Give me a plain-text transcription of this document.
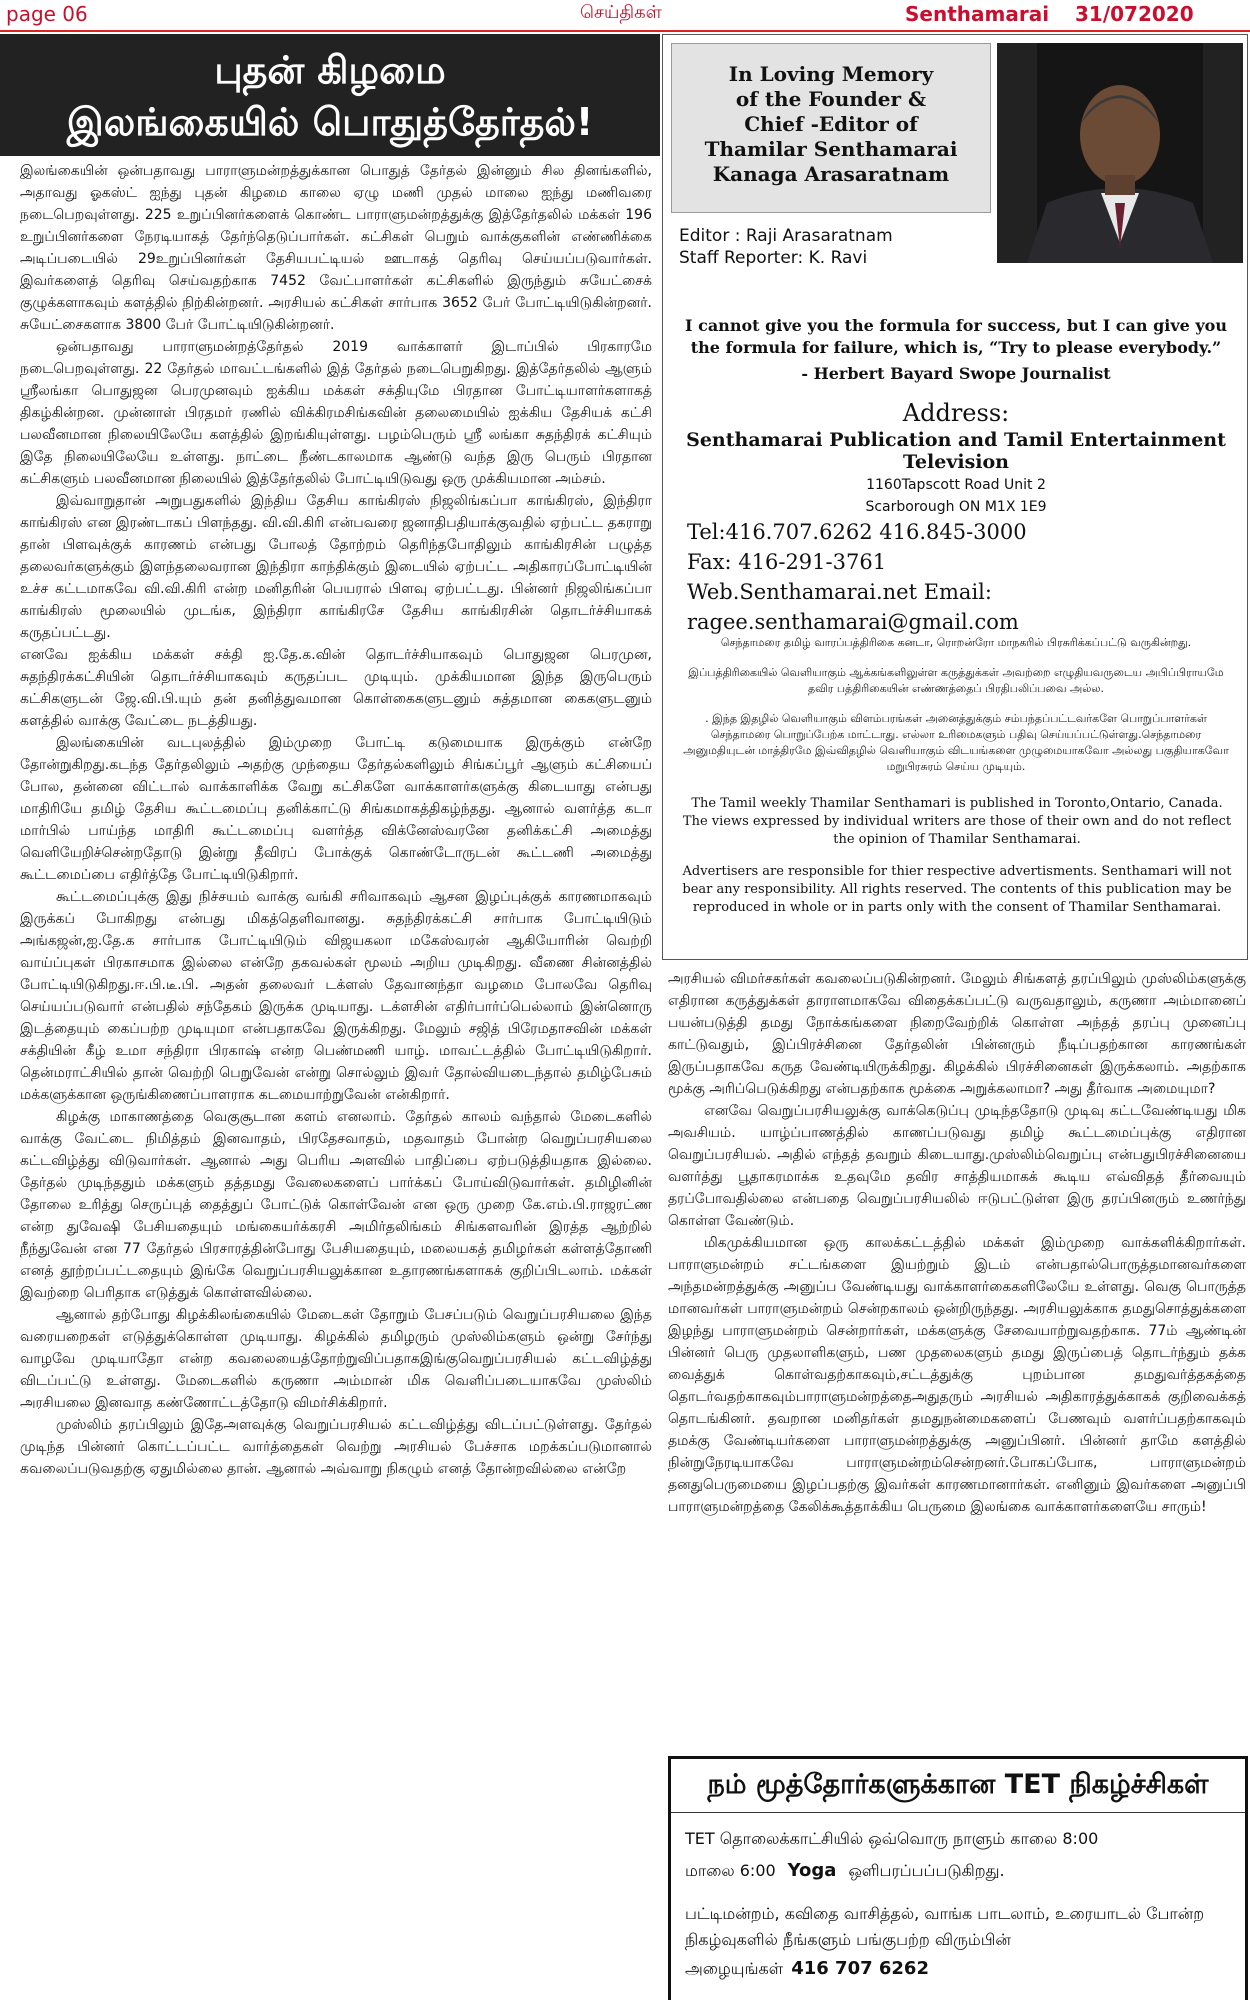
page 06	செய்திகள்	Senthamarai 31/072020
புதன் கிழமை
இலங்கையில் பொதுத்தேர்தல்!

இலங்கையின் ஒன்பதாவது பாராளுமன்றத்துக்கான பொதுத் தேர்தல் இன்னும் சில தினங்களில், அதாவது ஓகஸ்ட் ஐந்து புதன் கிழமை காலை ஏழு மணி முதல் மாலை ஐந்து மணிவரை நடைபெறவுள்ளது. 225 உறுப்பினர்களைக் கொண்ட பாராளுமன்றத்துக்கு இத்தேர்தலில் மக்கள் 196 உறுப்பினர்களை நேரடியாகத் தேர்ந்தெடுப்பார்கள். கட்சிகள் பெறும் வாக்குகளின் எண்ணிக்கை அடிப்படையில் 29உறுப்பினர்கள் தேசியபட்டியல் ஊடாகத் தெரிவு செய்யப்படுவார்கள். இவர்களைத் தெரிவு செய்வதற்காக 7452 வேட்பாளர்கள் கட்சிகளில் இருந்தும் சுயேட்சைக் குழுக்களாகவும் களத்தில் நிற்கின்றனர். அரசியல் கட்சிகள் சார்பாக 3652 பேர் போட்டியிடுகின்றனர். சுயேட்சைகளாக 3800 பேர் போட்டியிடுகின்றனர்.

ஒன்பதாவது பாராளுமன்றத்தேர்தல் 2019 வாக்காளர் இடாப்பில் பிரகாரமே நடைபெறவுள்ளது. 22 தேர்தல் மாவட்டங்களில் இத் தேர்தல் நடைபெறுகிறது. இத்தேர்தலில் ஆளும் ஸ்ரீலங்கா பொதுஜன பெரமுனவும் ஐக்கிய மக்கள் சக்தியுமே பிரதான போட்டியாளர்களாகத் திகழ்கின்றன. முன்னாள் பிரதமர் ரணில் விக்கிரமசிங்கவின் தலைமையில் ஐக்கிய தேசியக் கட்சி பலவீனமான நிலையிலேயே களத்தில் இறங்கியுள்ளது. பழம்பெரும் ஸ்ரீ லங்கா சுதந்திரக் கட்சியும் இதே நிலையிலேயே உள்ளது. நாட்டை நீண்டகாலமாக ஆண்டு வந்த இரு பெரும் பிரதான கட்சிகளும் பலவீனமான நிலையில் இத்தேர்தலில் போட்டியிடுவது ஒரு முக்கியமான அம்சம்.

இவ்வாறுதான் அறுபதுகளில் இந்திய தேசிய காங்கிரஸ் நிஜலிங்கப்பா காங்கிரஸ், இந்திரா காங்கிரஸ் என இரண்டாகப் பிளந்தது. வி.வி.கிரி என்பவரை ஜனாதிபதியாக்குவதில் ஏற்பட்ட தகராறு தான் பிளவுக்குக் காரணம் என்பது போலத் தோற்றம் தெரிந்தபோதிலும் காங்கிரசின் பழுத்த தலைவர்களுக்கும் இளந்தலைவரான இந்திரா காந்திக்கும் இடையில் ஏற்பட்ட அதிகாரப்போட்டியின் உச்ச கட்டமாகவே வி.வி.கிரி என்ற மனிதரின் பெயரால் பிளவு ஏற்பட்டது. பின்னர் நிஜலிங்கப்பா காங்கிரஸ் மூலையில் முடங்க, இந்திரா காங்கிரசே தேசிய காங்கிரசின் தொடர்ச்சியாகக் கருதப்பட்டது.

எனவே ஐக்கிய மக்கள் சக்தி ஐ.தே.க.வின் தொடர்ச்சியாகவும் பொதுஜன பெரமுன, சுதந்திரக்கட்சியின் தொடர்ச்சியாகவும் கருதப்பட முடியும். முக்கியமான இந்த இருபெரும் கட்சிகளுடன் ஜே.வி.பி.யும் தன் தனித்துவமான கொள்கைகளுடனும் சுத்தமான கைகளுடனும் களத்தில் வாக்கு வேட்டை நடத்தியது.

இலங்கையின் வடபுலத்தில் இம்முறை போட்டி கடுமையாக இருக்கும் என்றே தோன்றுகிறது.கடந்த தேர்தலிலும் அதற்கு முந்தைய தேர்தல்களிலும் சிங்கப்பூர் ஆளும் கட்சியைப் போல, தன்னை விட்டால் வாக்காளிக்க வேறு கட்சிகளே வாக்காளர்களுக்கு கிடையாது என்பது மாதிரியே தமிழ் தேசிய கூட்டமைப்பு தனிக்காட்டு சிங்கமாகத்திகழ்ந்தது. ஆனால் வளர்த்த கடா மார்பில் பாய்ந்த மாதிரி கூட்டமைப்பு வளர்த்த விக்னேஸ்வரனே தனிக்கட்சி அமைத்து வெளியேறிச்சென்றதோடு இன்று தீவிரப் போக்குக் கொண்டோருடன் கூட்டணி அமைத்து கூட்டமைப்பை எதிர்த்தே போட்டியிடுகிறார்.

கூட்டமைப்புக்கு இது நிச்சயம் வாக்கு வங்கி சரிவாகவும் ஆசன இழப்புக்குக் காரணமாகவும் இருக்கப் போகிறது என்பது மிகத்தெளிவானது. சுதந்திரக்கட்சி சார்பாக போட்டியிடும் அங்கஜன்,ஐ.தே.க சார்பாக போட்டியிடும் விஜயகலா மகேஸ்வரன் ஆகியோரின் வெற்றி வாய்ப்புகள் பிரகாசமாக இல்லை என்றே தகவல்கள் மூலம் அறிய முடிகிறது. வீணை சின்னத்தில் போட்டியிடுகிறது.ஈ.பி.டீ.பி. அதன் தலைவர் டக்ளஸ் தேவானந்தா வழமை போலவே தெரிவு செய்யப்படுவார் என்பதில் சந்தேகம் இருக்க முடியாது. டக்ளசின் எதிர்பார்ப்பெல்லாம் இன்னொரு இடத்தையும் கைப்பற்ற முடியுமா என்பதாகவே இருக்கிறது. மேலும் சஜித் பிரேமதாசவின் மக்கள் சக்தியின் கீழ் உமா சந்திரா பிரகாஷ் என்ற பெண்மணி யாழ். மாவட்டத்தில் போட்டியிடுகிறார். தென்மராட்சியில் தான் வெற்றி பெறுவேன் என்று சொல்லும் இவர் தோல்வியடைந்தால் தமிழ்பேசும் மக்களுக்கான ஒருங்கிணைப்பாளராக கடமையாற்றுவேன் என்கிறார்.

கிழக்கு மாகாணத்தை வெகுசூடான களம் எனலாம். தேர்தல் காலம் வந்தால் மேடைகளில் வாக்கு வேட்டை நிமித்தம் இனவாதம், பிரதேசவாதம், மதவாதம் போன்ற வெறுப்பரசியலை கட்டவிழ்த்து விடுவார்கள். ஆனால் அது பெரிய அளவில் பாதிப்பை ஏற்படுத்தியதாக இல்லை. தேர்தல் முடிந்ததும் மக்களும் தத்தமது வேலைகளைப் பார்க்கப் போய்விடுவார்கள். தமிழினின் தோலை உரித்து செருப்புத் தைத்துப் போட்டுக் கொள்வேன் என ஒரு முறை கே.எம்.பி.ராஜரட்ண என்ற துவேஷி பேசியதையும் மங்கையர்க்கரசி அமிர்தலிங்கம் சிங்களவரின் இரத்த ஆற்றில் நீந்துவேன் என 77 தேர்தல் பிரசாரத்தின்போது பேசியதையும், மலையகத் தமிழர்கள் கள்ளத்தோணி எனத் தூற்றப்பட்டதையும் இங்கே வெறுப்பரசியலுக்கான உதாரணங்களாகக் குறிப்பிடலாம். மக்கள் இவற்றை பெரிதாக எடுத்துக் கொள்ளவில்லை.

ஆனால் தற்போது கிழக்கிலங்கையில் மேடைகள் தோறும் பேசப்படும் வெறுப்பரசியலை இந்த வரையறைகள் எடுத்துக்கொள்ள முடியாது. கிழக்கில் தமிழரும் முஸ்லிம்களும் ஒன்று சேர்ந்து வாழவே முடியாதோ என்ற கவலையைத்தோற்றுவிப்பதாகஇங்குவெறுப்பரசியல் கட்டவிழ்த்து விடப்பட்டு உள்ளது. மேடைகளில் கருணா அம்மான் மிக வெளிப்படையாகவே முஸ்லிம் அரசியலை இனவாத கண்ணோட்டத்தோடு விமர்சிக்கிறார்.

முஸ்லிம் தரப்பிலும் இதேஅளவுக்கு வெறுப்பரசியல் கட்டவிழ்த்து விடப்பட்டுள்ளது. தேர்தல் முடிந்த பின்னர் கொட்டப்பட்ட வார்த்தைகள் வெற்று அரசியல் பேச்சாக மறக்கப்படுமானால் கவலைப்படுவதற்கு ஏதுமில்லை தான். ஆனால் அவ்வாறு நிகழும் எனத் தோன்றவில்லை என்றே

In Loving Memory
of the Founder &
Chief -Editor of
Thamilar Senthamarai
Kanaga Arasaratnam
Editor : Raji Arasaratnam
Staff Reporter: K. Ravi
I cannot give you the formula for success, but I can give you the formula for failure, which is, “Try to please everybody.”
- Herbert Bayard Swope Journalist
Address:
Senthamarai Publication and Tamil Entertainment Television
1160Tapscott Road Unit 2
Scarborough ON M1X 1E9
Tel:416.707.6262 416.845-3000
Fax: 416-291-3761
Web.Senthamarai.net Email: ragee.senthamarai@gmail.com

செந்தாமரை தமிழ் வாரப்பத்திரிகை கனடா, ரொறன்ரோ மாநகரில் பிரசுரிக்கப்பட்டு வருகின்றது.

இப்பத்திரிகையில் வெளியாகும் ஆக்கங்களிலுள்ள கருத்துக்கள் அவற்றை எழுதியவருடைய அபிப்பிராயமே தவிர பத்திரிகையின் எண்ணத்தைப் பிரதிபலிப்பவை அல்ல.

. இந்த இதழில் வெளியாகும் விளம்பரங்கள் அனைத்துக்கும் சம்பந்தப்பட்டவர்களே பொறுப்பாளர்கள் செந்தாமரை பொறுப்பேற்க மாட்டாது. எல்லா உரிமைகளும் பதிவு செய்யப்பட்டுள்ளது.செந்தாமரை அனுமதியுடன் மாத்திரமே இவ்விதழில் வெளியாகும் விடயங்களை முழுமையாகவோ அல்லது பகுதியாகவோ மறுபிரசுரம் செய்ய முடியும்.

The Tamil weekly Thamilar Senthamari is published in Toronto,Ontario, Canada. The views expressed by individual writers are those of their own and do not reflect the opinion of Thamilar Senthamarai.

Advertisers are responsible for thier respective advertisments. Senthamari will not bear any responsibility. All rights reserved. The contents of this publication may be reproduced in whole or in parts only with the consent of Thamilar Senthamarai.

அரசியல் விமர்சகர்கள் கவலைப்படுகின்றனர். மேலும் சிங்களத் தரப்பிலும் முஸ்லிம்களுக்கு எதிரான கருத்துக்கள் தாராளமாகவே விதைக்கப்பட்டு வருவதாலும், கருணா அம்மானைப் பயன்படுத்தி தமது நோக்கங்களை நிறைவேற்றிக் கொள்ள அந்தத் தரப்பு முனைப்பு காட்டுவதும், இப்பிரச்சினை தேர்தலின் பின்னரும் நீடிப்பதற்கான காரணங்கள் இருப்பதாகவே கருத வேண்டியிருக்கிறது. கிழக்கில் பிரச்சினைகள் இருக்கலாம். அதற்காக மூக்கு அரிப்பெடுக்கிறது என்பதற்காக மூக்கை அறுக்கலாமா? அது தீர்வாக அமையுமா?

எனவே வெறுப்பரசியலுக்கு வாக்கெடுப்பு முடிந்ததோடு முடிவு கட்டவேண்டியது மிக அவசியம். யாழ்ப்பாணத்தில் காணப்படுவது தமிழ் கூட்டமைப்புக்கு எதிரான வெறுப்பரசியல். அதில் எந்தத் தவறும் கிடையாது.முஸ்லிம்வெறுப்பு என்பதுபிரச்சினையை வளர்த்து பூதாகரமாக்க உதவுமே தவிர சாத்தியமாகக் கூடிய எவ்விதத் தீர்வையும் தரப்போவதில்லை என்பதை வெறுப்பரசியலில் ஈடுபட்டுள்ள இரு தரப்பினரும் உணர்ந்து கொள்ள வேண்டும்.

மிகமுக்கியமான ஒரு காலக்கட்டத்தில் மக்கள் இம்முறை வாக்களிக்கிறார்கள். பாராளுமன்றம் சட்டங்களை இயற்றும் இடம் என்பதால்பொருத்தமானவர்களை அந்தமன்றத்துக்கு அனுப்ப வேண்டியது வாக்காளர்கைகளிலேயே உள்ளது. வெகு பொருத்த மானவர்கள் பாராளுமன்றம் சென்றகாலம் ஒன்றிருந்தது. அரசியலுக்காக தமதுசொத்துக்களை இழந்து பாராளுமன்றம் சென்றார்கள், மக்களுக்கு சேவையாற்றுவதற்காக. 77ம் ஆண்டின் பின்னர் பெரு முதலாளிகளும், பண முதலைகளும் தமது இருப்பைத் தொடர்ந்தும் தக்க வைத்துக் கொள்வதற்காகவும்,சட்டத்துக்கு புறம்பான தமதுவர்த்தகத்தை தொடர்வதற்காகவும்பாராளுமன்றத்தைஅதுதரும் அரசியல் அதிகாரத்துக்காகக் குறிவைக்கத் தொடங்கினர். தவறான மனிதர்கள் தமதுநன்மைகளைப் பேணவும் வளர்ப்பதற்காகவும் தமக்கு வேண்டியர்களை பாராளுமன்றத்துக்கு அனுப்பினர். பின்னர் தாமே களத்தில் நின்றுநேரடியாகவே பாராளுமன்றம்சென்றனர்.போகப்போக, பாராளுமன்றம் தனதுபெருமையை இழப்பதற்கு இவர்கள் காரணமானார்கள். எனினும் இவர்களை அனுப்பி பாராளுமன்றத்தை கேலிக்கூத்தாக்கிய பெருமை இலங்கை வாக்காளர்களையே சாரும்!

நம் மூத்தோர்களுக்கான TET நிகழ்ச்சிகள்

TET தொலைக்காட்சியில் ஒவ்வொரு நாளும் காலை 8:00

மாலை 6:00 Yoga ஒளிபரப்பப்படுகிறது.

பட்டிமன்றம், கவிதை வாசித்தல், வாங்க பாடலாம், உரையாடல் போன்ற நிகழ்வுகளில் நீங்களும் பங்குபற்ற விரும்பின்

அழையுங்கள் 416 707 6262
